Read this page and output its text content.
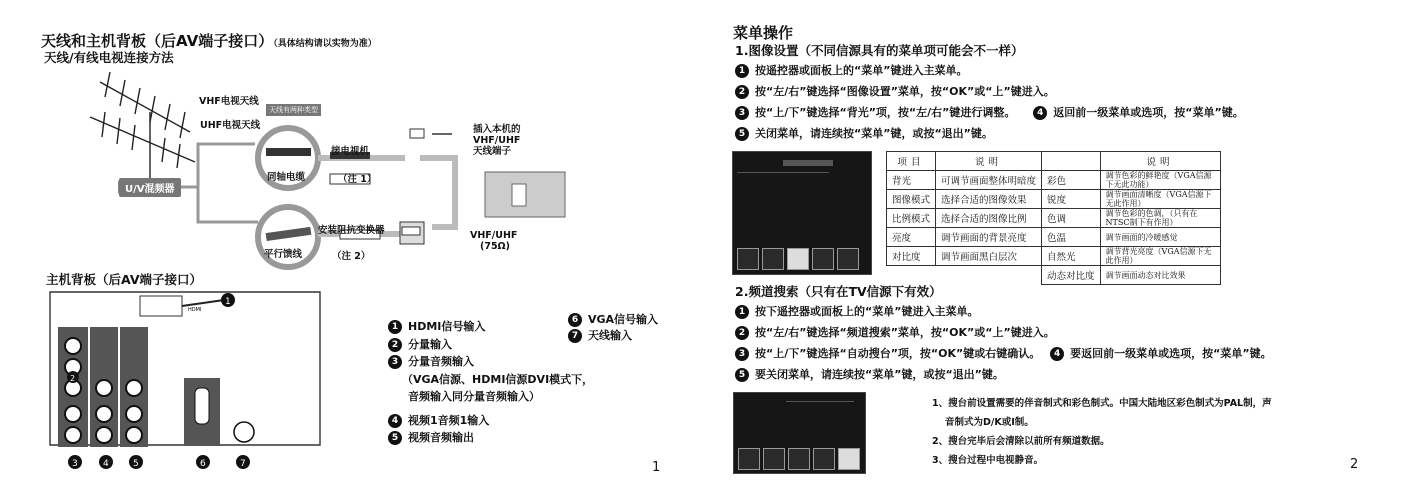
天线和主机背板（后AV端子接口）（具体结构请以实物为准）
天线/有线电视连接方法
VHF电视天线
UHF电视天线
天线有两种类型
U/V混频器
同轴电缆
接电视机
（注 1）
安装阻抗变换器
平行馈线	（注 2）
插入本机的
VHF/UHF
天线端子
VHF/UHF
(75Ω)
主机背板（后AV端子接口）
HDMI
1
3	4	5	6	7
2
1 HDMI信号输入
2 分量输入
3 分量音频输入
（VGA信源、HDMI信源DVI模式下，
音频输入同分量音频输入）
4 视频1音频1输入
5 视频音频输出
6 VGA信号输入
7 天线输入
1
菜单操作
1.图像设置（不同信源具有的菜单项可能会不一样）
1 按遥控器或面板上的“菜单”键进入主菜单。
2 按“左/右”键选择“图像设置”菜单，按“OK”或“上”键进入。
3 按“上/下”键选择“背光”项，按“左/右”键进行调整。 4 返回前一级菜单或选项，按“菜单”键。
5 关闭菜单，请连续按“菜单”键，或按“退出”键。
项目	说明		说明
背光	可调节画面整体明暗度	彩色	调节色彩的鲜艳度（VGA信源下无此功能）
图像模式	选择合适的图像效果	锐度	调节画面清晰度（VGA信源下无此作用）
比例模式	选择合适的图像比例	色调	调节色彩的色调，（只有在NTSC制下有作用）
亮度	调节画面的背景亮度	色温	调节画面的冷暖感觉
对比度	调节画面黑白层次	自然光	调节背光亮度（VGA信源下无此作用）
		动态对比度	调节画面动态对比效果
2.频道搜索（只有在TV信源下有效）
1 按下遥控器或面板上的“菜单”键进入主菜单。
2 按“左/右”键选择“频道搜索”菜单，按“OK”或“上”键进入。
3 按“上/下”键选择“自动搜台”项，按“OK”键或右键确认。 4 要返回前一级菜单或选项，按“菜单”键。
5 要关闭菜单，请连续按“菜单”键，或按“退出”键。
1、搜台前设置需要的伴音制式和彩色制式。中国大陆地区彩色制式为PAL制，声
音制式为D/K或I制。
2、搜台完毕后会清除以前所有频道数据。
3、搜台过程中电视静音。	2
